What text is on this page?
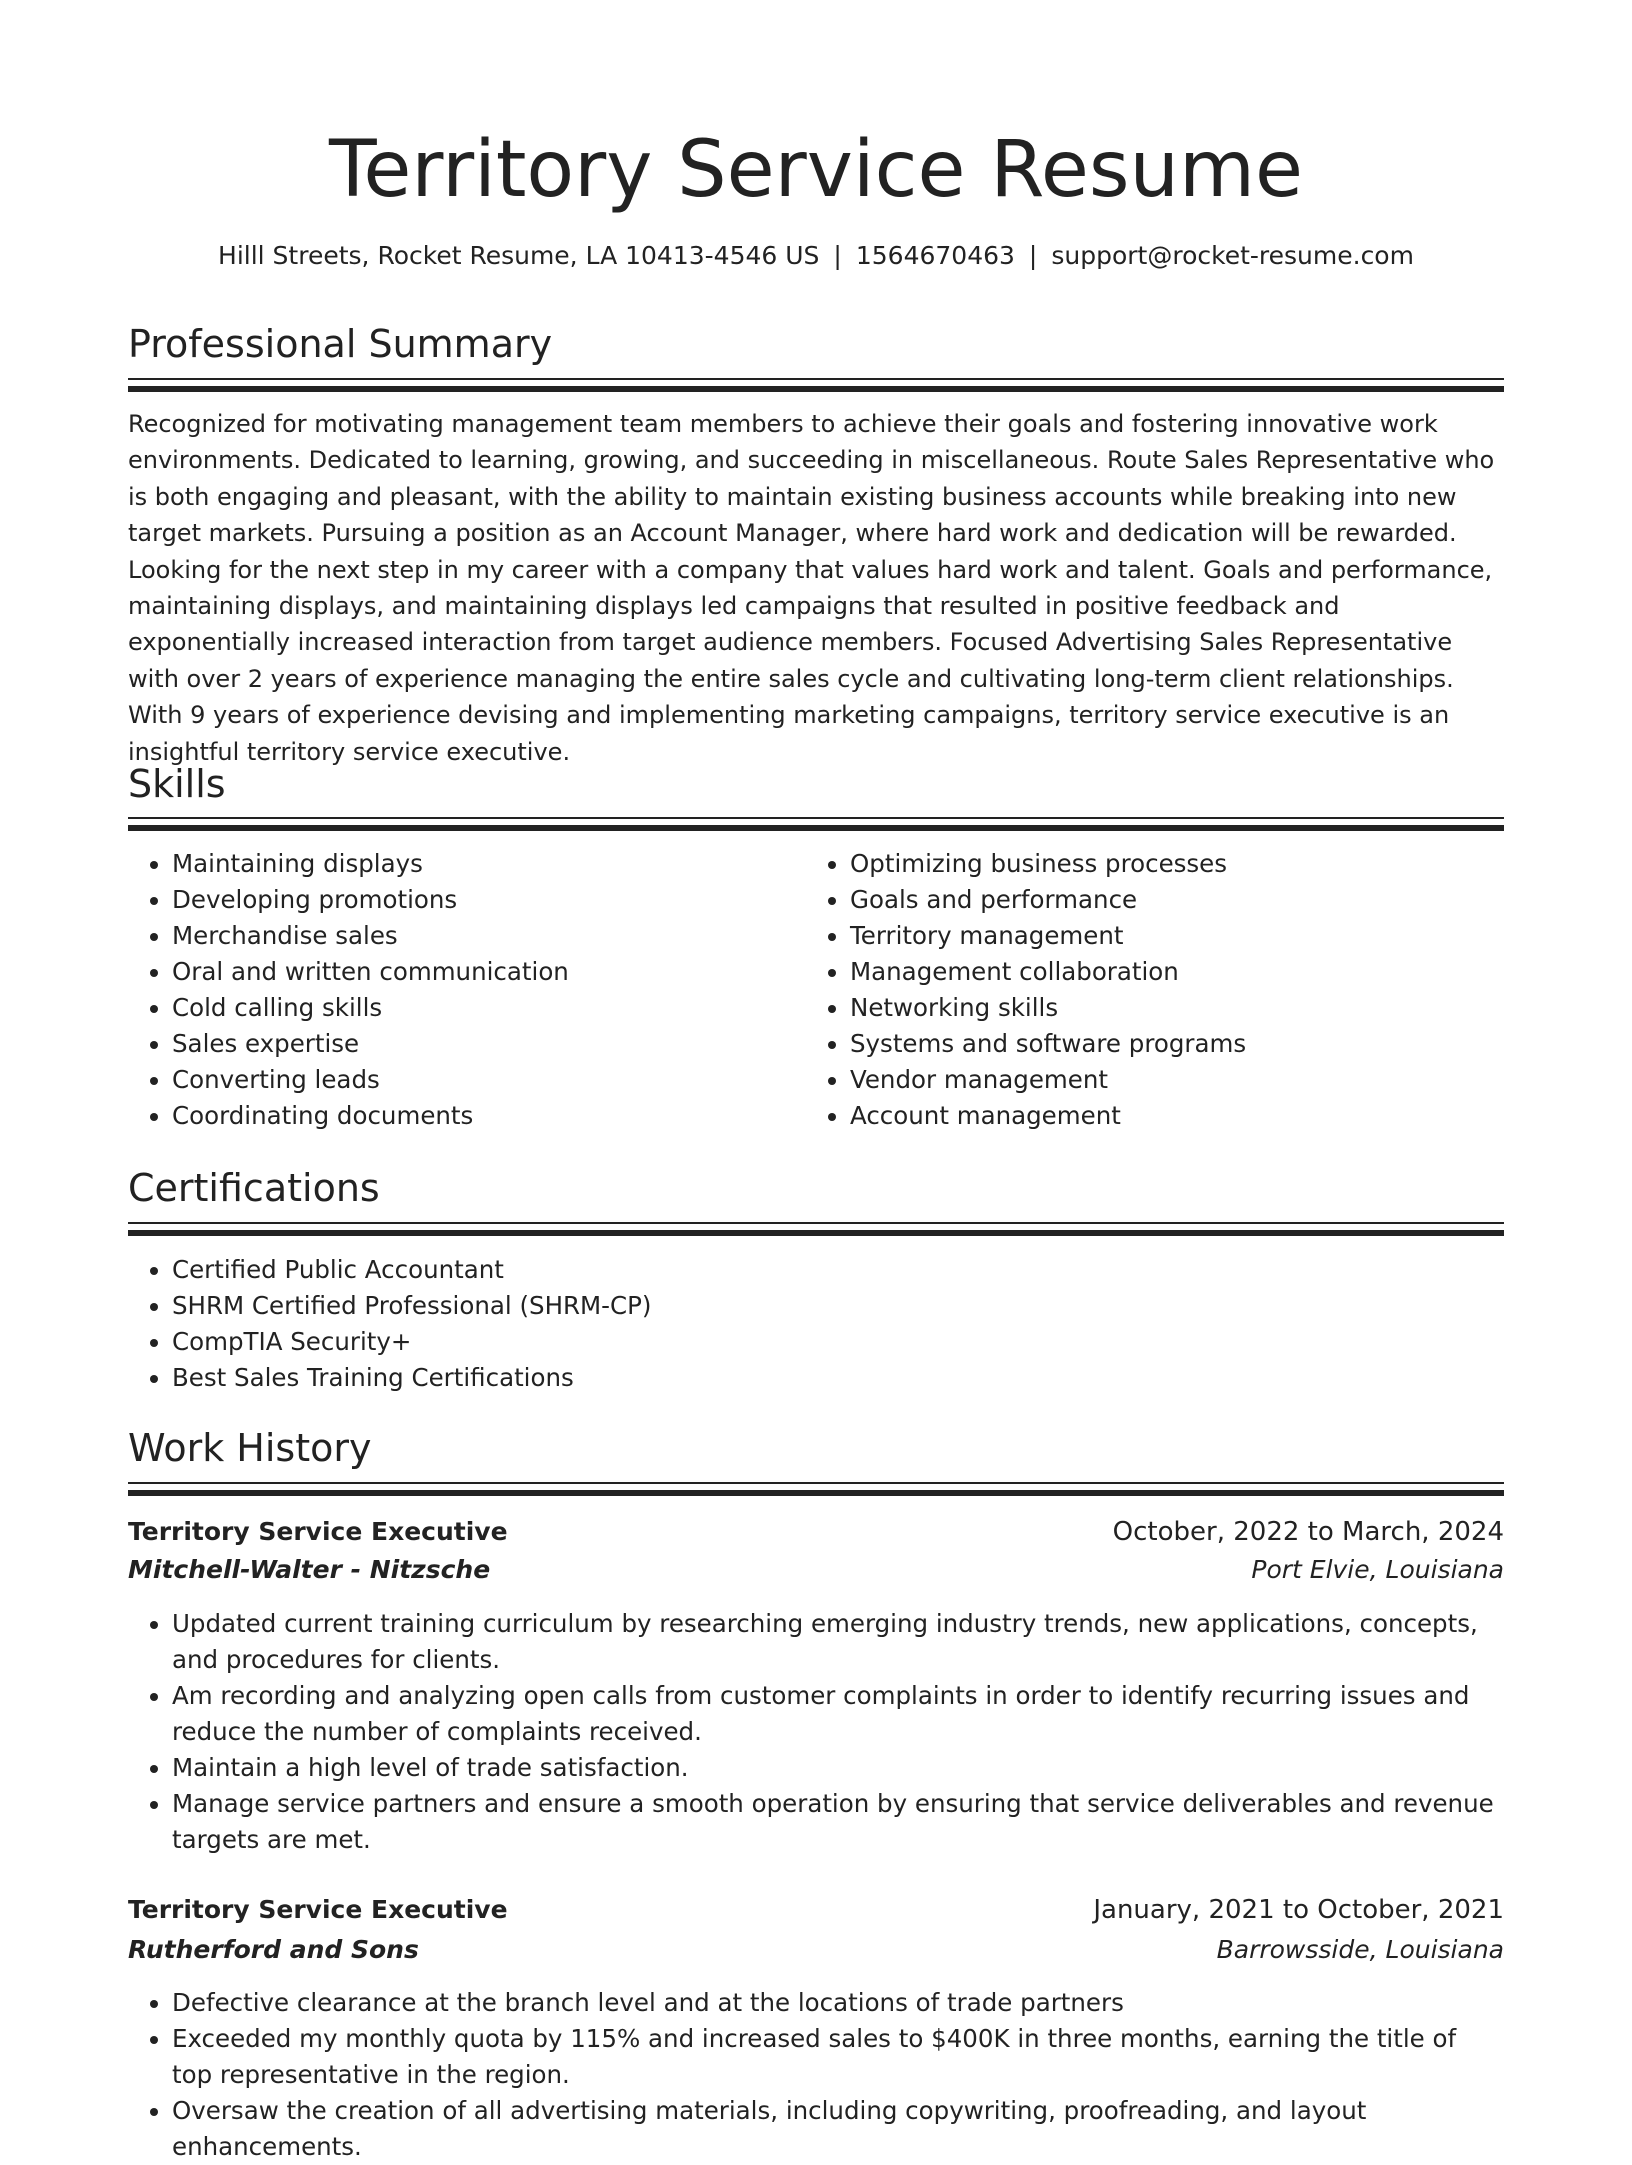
Territory Service Resume
Hilll Streets, Rocket Resume, LA 10413-4546 US | 1564670463 | support@rocket-resume.com
Professional Summary

Recognized for motivating management team members to achieve their goals and fostering innovative work environments. Dedicated to learning, growing, and succeeding in miscellaneous. Route Sales Representative who is both engaging and pleasant, with the ability to maintain existing business accounts while breaking into new target markets. Pursuing a position as an Account Manager, where hard work and dedication will be rewarded. Looking for the next step in my career with a company that values hard work and talent. Goals and performance, maintaining displays, and maintaining displays led campaigns that resulted in positive feedback and exponentially increased interaction from target audience members. Focused Advertising Sales Representative with over 2 years of experience managing the entire sales cycle and cultivating long-term client relationships. With 9 years of experience devising and implementing marketing campaigns, territory service executive is an insightful territory service executive.

Skills
• Maintaining displays
• Developing promotions
• Merchandise sales
• Oral and written communication
• Cold calling skills
• Sales expertise
• Converting leads
• Coordinating documents
• Optimizing business processes
• Goals and performance
• Territory management
• Management collaboration
• Networking skills
• Systems and software programs
• Vendor management
• Account management
Certifications
• Certified Public Accountant
• SHRM Certified Professional (SHRM-CP)
• CompTIA Security+
• Best Sales Training Certifications
Work History
Territory Service Executive	October, 2022 to March, 2024
Mitchell-Walter - Nitzsche	Port Elvie, Louisiana
• Updated current training curriculum by researching emerging industry trends, new applications, concepts, and procedures for clients.
• Am recording and analyzing open calls from customer complaints in order to identify recurring issues and reduce the number of complaints received.
• Maintain a high level of trade satisfaction.
• Manage service partners and ensure a smooth operation by ensuring that service deliverables and revenue targets are met.
Territory Service Executive	January, 2021 to October, 2021
Rutherford and Sons	Barrowsside, Louisiana
• Defective clearance at the branch level and at the locations of trade partners
• Exceeded my monthly quota by 115% and increased sales to $400K in three months, earning the title of top representative in the region.
• Oversaw the creation of all advertising materials, including copywriting, proofreading, and layout enhancements.
